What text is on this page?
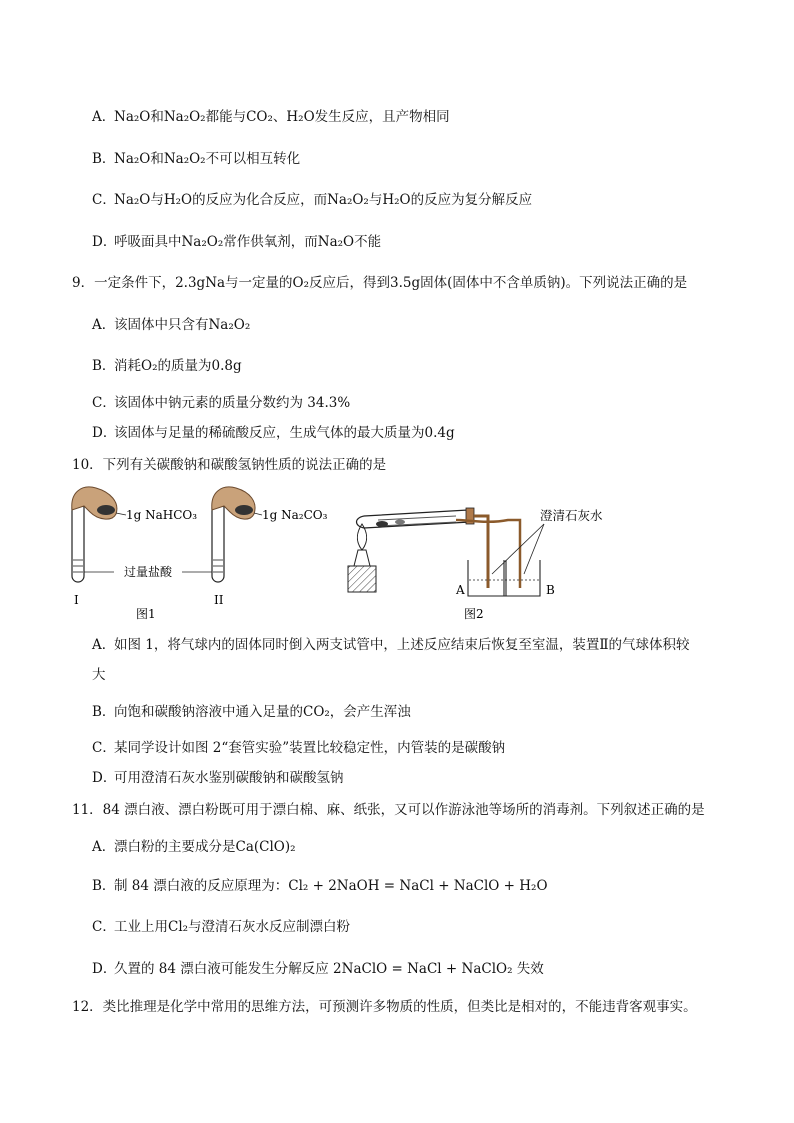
A．Na₂O和Na₂O₂都能与CO₂、H₂O发生反应，且产物相同
B．Na₂O和Na₂O₂不可以相互转化
C．Na₂O与H₂O的反应为化合反应，而Na₂O₂与H₂O的反应为复分解反应
D．呼吸面具中Na₂O₂常作供氧剂，而Na₂O不能
9．一定条件下，2.3gNa与一定量的O₂反应后，得到3.5g固体(固体中不含单质钠)。下列说法正确的是
A．该固体中只含有Na₂O₂
B．消耗O₂的质量为0.8g
C．该固体中钠元素的质量分数约为 34.3%
D．该固体与足量的稀硫酸反应，生成气体的最大质量为0.4g
10．下列有关碳酸钠和碳酸氢钠性质的说法正确的是
1g NaHCO₃	1g Na₂CO₃
过量盐酸
I	II
图1
澄清石灰水
A	B
图2
A．如图 1，将气球内的固体同时倒入两支试管中，上述反应结束后恢复至室温，装置Ⅱ的气球体积较
大
B．向饱和碳酸钠溶液中通入足量的CO₂，会产生浑浊
C．某同学设计如图 2“套管实验”装置比较稳定性，内管装的是碳酸钠
D．可用澄清石灰水鉴别碳酸钠和碳酸氢钠
11．84 漂白液、漂白粉既可用于漂白棉、麻、纸张，又可以作游泳池等场所的消毒剂。下列叙述正确的是
A．漂白粉的主要成分是Ca(ClO)₂
B．制 84 漂白液的反应原理为：Cl₂ + 2NaOH = NaCl + NaClO + H₂O
C．工业上用Cl₂与澄清石灰水反应制漂白粉
D．久置的 84 漂白液可能发生分解反应 2NaClO = NaCl + NaClO₂ 失效
12．类比推理是化学中常用的思维方法，可预测许多物质的性质，但类比是相对的，不能违背客观事实。
